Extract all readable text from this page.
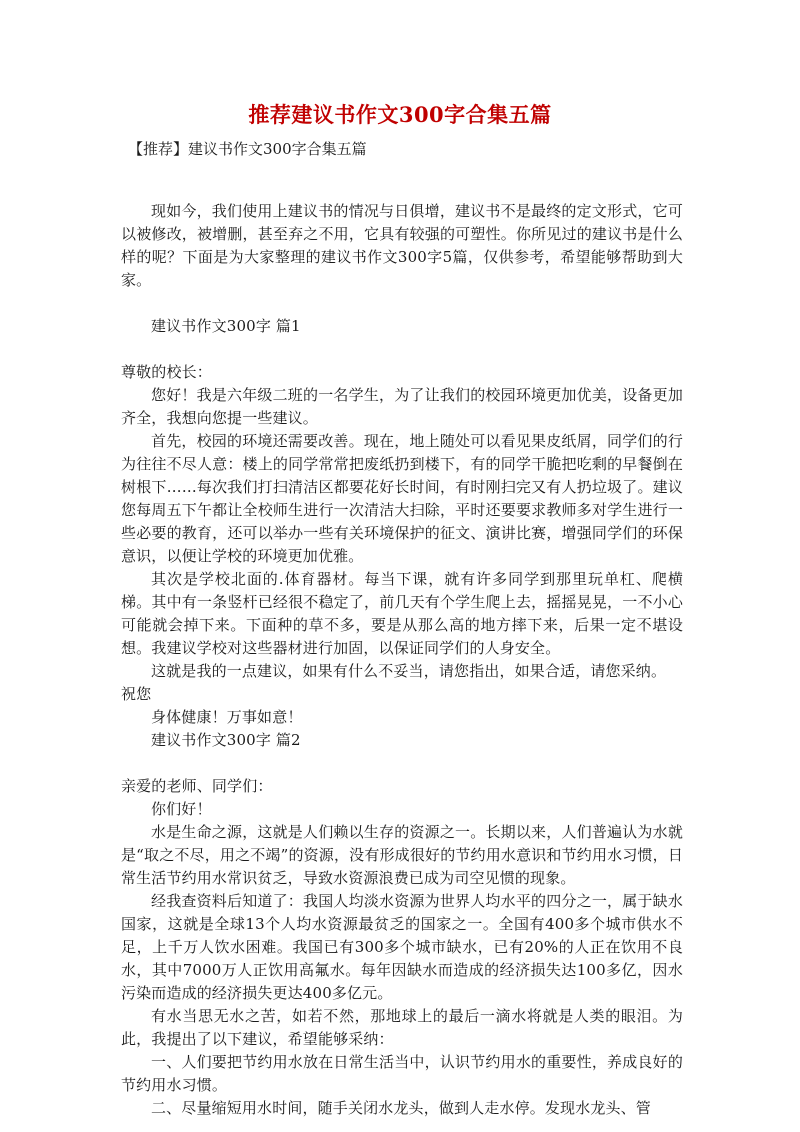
推荐建议书作文300字合集五篇
【推荐】建议书作文300字合集五篇

现如今，我们使用上建议书的情况与日俱增，建议书不是最终的定文形式，它可以被修改，被增删，甚至弃之不用，它具有较强的可塑性。你所见过的建议书是什么样的呢？下面是为大家整理的建议书作文300字5篇，仅供参考，希望能够帮助到大家。

建议书作文300字 篇1

尊敬的校长：

您好！我是六年级二班的一名学生，为了让我们的校园环境更加优美，设备更加齐全，我想向您提一些建议。

首先，校园的环境还需要改善。现在，地上随处可以看见果皮纸屑，同学们的行为往往不尽人意：楼上的同学常常把废纸扔到楼下，有的同学干脆把吃剩的早餐倒在树根下……每次我们打扫清洁区都要花好长时间，有时刚扫完又有人扔垃圾了。建议您每周五下午都让全校师生进行一次清洁大扫除，平时还要要求教师多对学生进行一些必要的教育，还可以举办一些有关环境保护的征文、演讲比赛，增强同学们的环保意识，以便让学校的环境更加优雅。

其次是学校北面的.体育器材。每当下课，就有许多同学到那里玩单杠、爬横梯。其中有一条竖杆已经很不稳定了，前几天有个学生爬上去，摇摇晃晃，一不小心可能就会掉下来。下面种的草不多，要是从那么高的地方摔下来，后果一定不堪设想。我建议学校对这些器材进行加固，以保证同学们的人身安全。

这就是我的一点建议，如果有什么不妥当，请您指出，如果合适，请您采纳。

祝您

身体健康！万事如意！

建议书作文300字 篇2

亲爱的老师、同学们：

你们好！

水是生命之源，这就是人们赖以生存的资源之一。长期以来，人们普遍认为水就是“取之不尽，用之不竭”的资源，没有形成很好的节约用水意识和节约用水习惯，日常生活节约用水常识贫乏，导致水资源浪费已成为司空见惯的现象。

经我查资料后知道了：我国人均淡水资源为世界人均水平的四分之一，属于缺水国家，这就是全球13个人均水资源最贫乏的国家之一。全国有400多个城市供水不足，上千万人饮水困难。我国已有300多个城市缺水，已有20%的人正在饮用不良水，其中7000万人正饮用高氟水。每年因缺水而造成的经济损失达100多亿，因水污染而造成的经济损失更达400多亿元。

有水当思无水之苦，如若不然，那地球上的最后一滴水将就是人类的眼泪。为此，我提出了以下建议，希望能够采纳：

一、人们要把节约用水放在日常生活当中，认识节约用水的重要性，养成良好的节约用水习惯。

二、尽量缩短用水时间，随手关闭水龙头，做到人走水停。发现水龙头、管
